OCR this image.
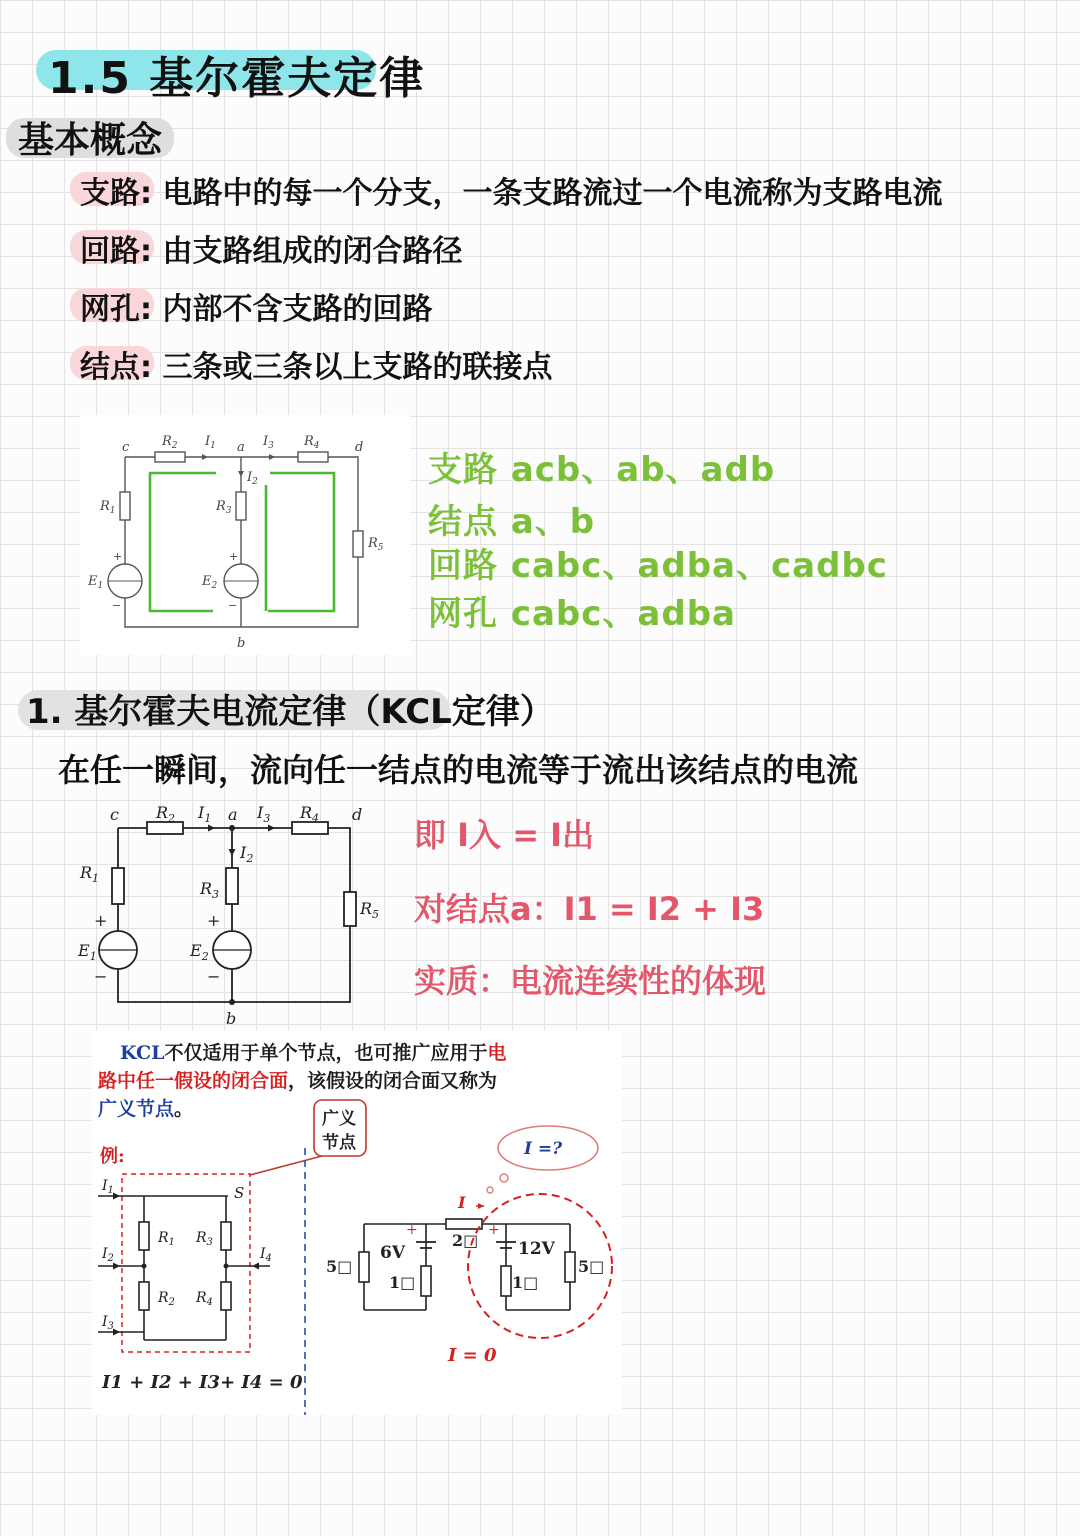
1.5 基尔霍夫定律
基本概念
支路: 电路中的每一个分支，一条支路流过一个电流称为支路电流
回路: 由支路组成的闭合路径
网孔: 内部不含支路的回路
结点: 三条或三条以上支路的联接点
c	a	d
b
$R_2$	$R_4$
$I_1$	$I_3$
$I_2$
$R_1$	$R_3$
$R_5$
$E_1$	$E_2$
+
−
+
−
支路 acb、ab、adb
结点 a、b
回路 cabc、adba、cadbc
网孔 cabc、adba
1. 基尔霍夫电流定律（KCL定律）
在任一瞬间，流向任一结点的电流等于流出该结点的电流
c	a	d
b
$R_2$	$R_4$
$I_1$	$I_3$
$I_2$
$R_1$
$R_3$
$R_5$
$E_1$	$E_2$
+
−
+
−
即 I入 = I出
对结点a：I1 = I2 + I3
实质：电流连续性的体现
KCL不仅适用于单个节点，也可推广应用于电
路中任一假设的闭合面，该假设的闭合面又称为
广义节点。	广义
节点
例:
S
$I_1$
$I_2$
$I_3$
$I_4$
$R_1$
$R_2$
$R_3$
$R_4$
I1 + I2 + I3+ I4 = 0
I =?
I
+	+
6V	12V
5□
1□
2□
1□
5□
I = 0
